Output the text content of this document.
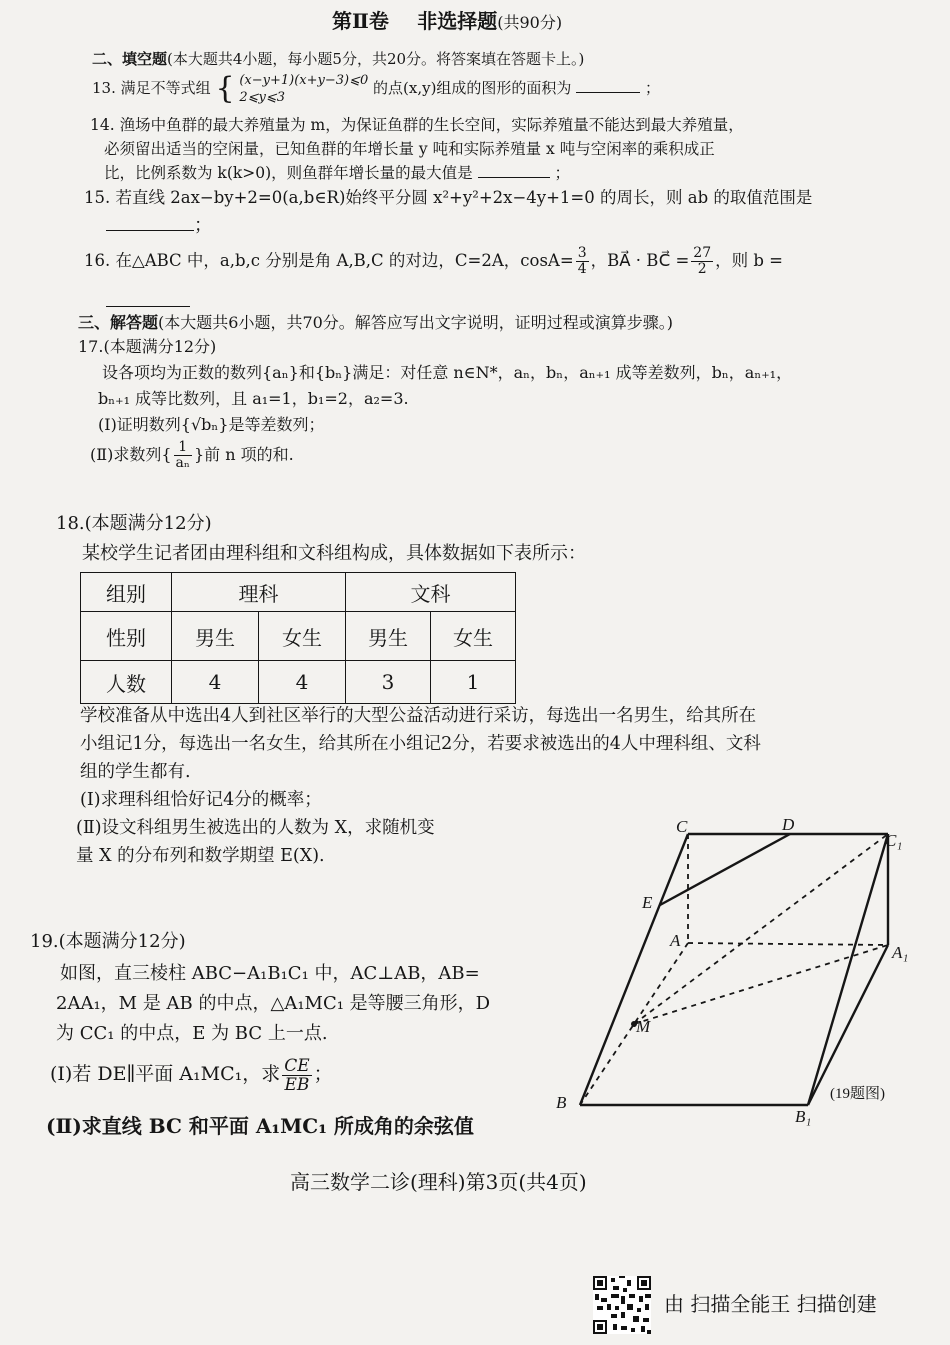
第Ⅱ卷 非选择题(共90分)
二、填空题(本大题共4小题，每小题5分，共20分。将答案填在答题卡上。)
13. 满足不等式组 { (x−y+1)(x+y−3)⩽0
2⩽y⩽3
的点(x,y)组成的图形的面积为	；
14. 渔场中鱼群的最大养殖量为 m，为保证鱼群的生长空间，实际养殖量不能达到最大养殖量，
必须留出适当的空闲量，已知鱼群的年增长量 y 吨和实际养殖量 x 吨与空闲率的乘积成正
比，比例系数为 k(k>0)，则鱼群年增长量的最大值是	；
15. 若直线 2ax−by+2=0(a,b∈R)始终平分圆 x²+y²+2x−4y+1=0 的周长，则 ab 的取值范围是
；
16. 在△ABC 中，a,b,c 分别是角 A,B,C 的对边，C=2A，$\cos A= \frac{3}{4}$ ，BA⃗ · BC⃗ = $\frac{27}{2}$ ，则 b =
三、解答题(本大题共6小题，共70分。解答应写出文字说明，证明过程或演算步骤。)
17.(本题满分12分)
设各项均为正数的数列{aₙ}和{bₙ}满足：对任意 n∈N*，aₙ，bₙ，aₙ₊₁ 成等差数列，bₙ，aₙ₊₁，
bₙ₊₁ 成等比数列，且 a₁=1，b₁=2，a₂=3.
(Ⅰ)证明数列{√bₙ}是等差数列；
(Ⅱ)求数列{ $\frac{1}{\text{aₙ}}$ }前 n 项的和.
18.(本题满分12分)
某校学生记者团由理科组和文科组构成，具体数据如下表所示：
组别	理科		文科	
性别	男生	女生	男生	女生
人数	4	4	3	1
学校准备从中选出4人到社区举行的大型公益活动进行采访，每选出一名男生，给其所在
小组记1分，每选出一名女生，给其所在小组记2分，若要求被选出的4人中理科组、文科
组的学生都有.
(Ⅰ)求理科组恰好记4分的概率；
(Ⅱ)设文科组男生被选出的人数为 X，求随机变
量 X 的分布列和数学期望 E(X).
19.(本题满分12分)
如图，直三棱柱 ABC−A₁B₁C₁ 中，AC⊥AB，AB=
2AA₁，M 是 AB 的中点，△A₁MC₁ 是等腰三角形，D
为 CC₁ 的中点，E 为 BC 上一点.
(Ⅰ)若 DE∥平面 A₁MC₁，求 $\frac{CE}{EB}$ ；
(Ⅱ)求直线 BC 和平面 A₁MC₁ 所成角的余弦值
C	D
C₁
E
A
A₁
M
B
B₁
(19题图)
高三数学二诊(理科)第3页(共4页)
由 扫描全能王 扫描创建
